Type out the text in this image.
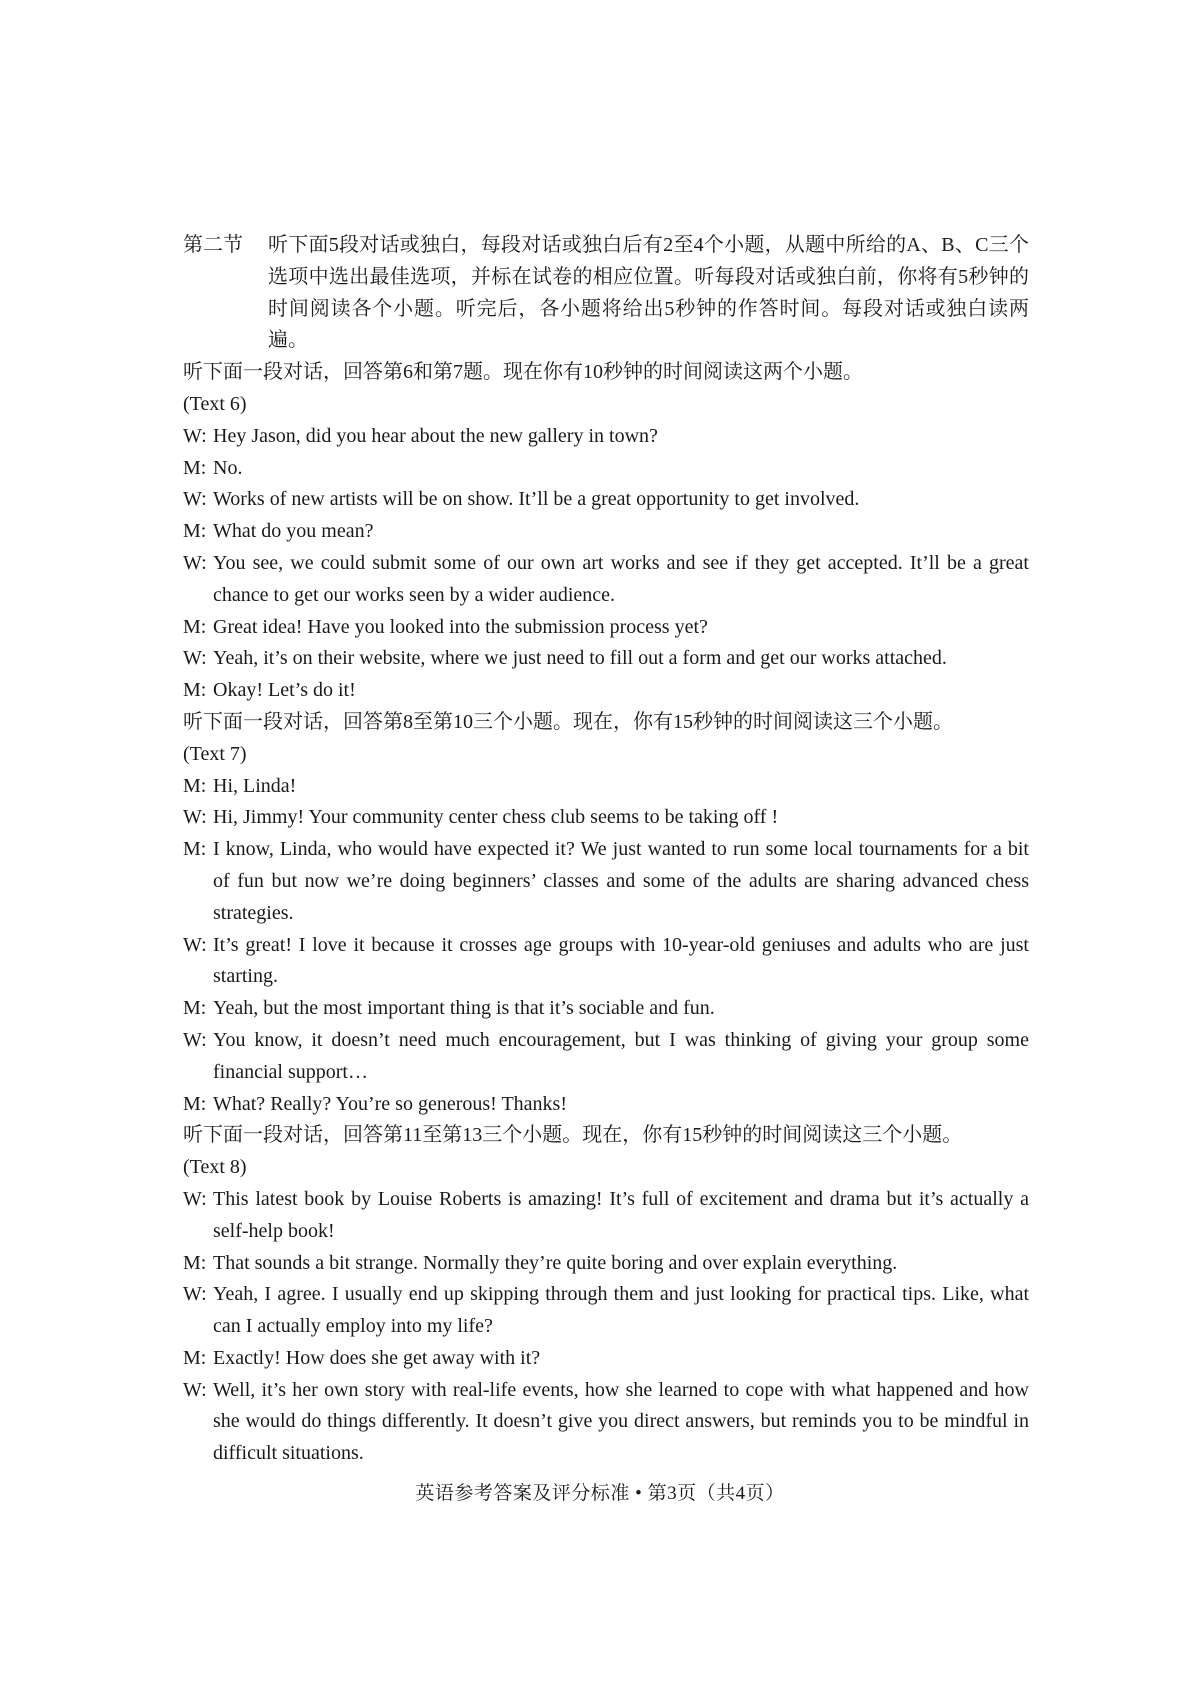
第二节	听下面5段对话或独白，每段对话或独白后有2至4个小题，从题中所给的A、B、C三个选项中选出最佳选项，并标在试卷的相应位置。听每段对话或独白前，你将有5秒钟的时间阅读各个小题。听完后，各小题将给出5秒钟的作答时间。每段对话或独白读两遍。

听下面一段对话，回答第6和第7题。现在你有10秒钟的时间阅读这两个小题。

(Text 6)

W: Hey Jason, did you hear about the new gallery in town?
M: No.
W: Works of new artists will be on show. It’ll be a great opportunity to get involved.
M: What do you mean?
W: You see, we could submit some of our own art works and see if they get accepted. It’ll be a great chance to get our works seen by a wider audience.
M: Great idea! Have you looked into the submission process yet?
W: Yeah, it’s on their website, where we just need to fill out a form and get our works attached.
M: Okay! Let’s do it!

听下面一段对话，回答第8至第10三个小题。现在，你有15秒钟的时间阅读这三个小题。

(Text 7)

M: Hi, Linda!
W: Hi, Jimmy! Your community center chess club seems to be taking off !
M: I know, Linda, who would have expected it? We just wanted to run some local tournaments for a bit of fun but now we’re doing beginners’ classes and some of the adults are sharing advanced chess strategies.
W: It’s great! I love it because it crosses age groups with 10-year-old geniuses and adults who are just starting.
M: Yeah, but the most important thing is that it’s sociable and fun.
W: You know, it doesn’t need much encouragement, but I was thinking of giving your group some financial support…
M: What? Really? You’re so generous! Thanks!

听下面一段对话，回答第11至第13三个小题。现在，你有15秒钟的时间阅读这三个小题。

(Text 8)

W: This latest book by Louise Roberts is amazing! It’s full of excitement and drama but it’s actually a self-help book!
M: That sounds a bit strange. Normally they’re quite boring and over explain everything.
W: Yeah, I agree. I usually end up skipping through them and just looking for practical tips. Like, what can I actually employ into my life?
M: Exactly! How does she get away with it?
W: Well, it’s her own story with real-life events, how she learned to cope with what happened and how she would do things differently. It doesn’t give you direct answers, but reminds you to be mindful in difficult situations.
英语参考答案及评分标准 • 第3页（共4页）
